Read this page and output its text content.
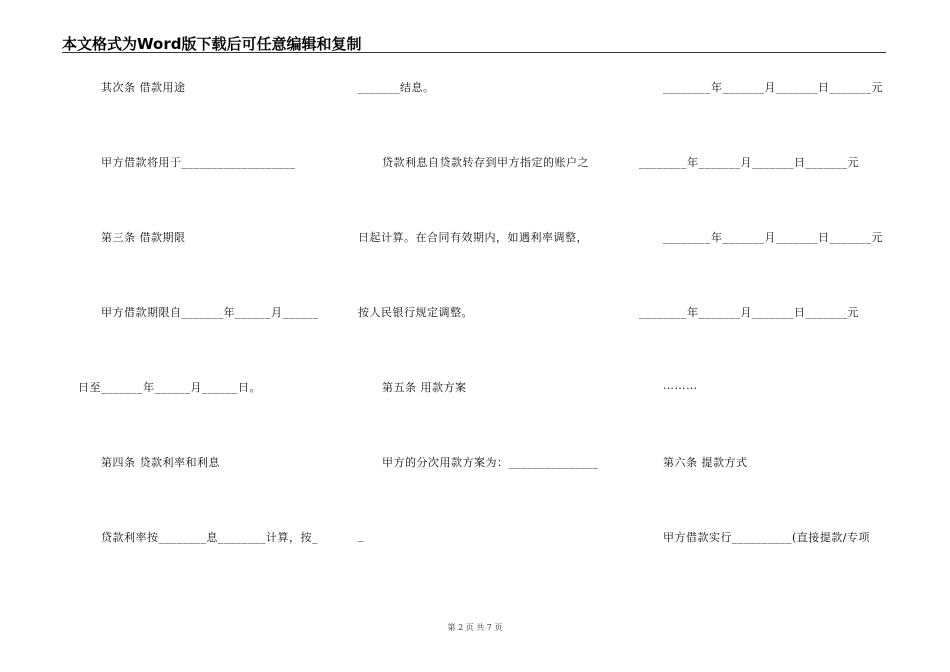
本文格式为Word版下载后可任意编辑和复制
其次条 借款用途
甲方借款将用于___________________
第三条 借款期限
甲方借款期限自_______年______月______
日至_______年______月______日。
第四条 贷款利率和利息
贷款利率按________息________计算，按_
_______结息。
贷款利息自贷款转存到甲方指定的账户之
日起计算。在合同有效期内，如遇利率调整，
按人民银行规定调整。
第五条 用款方案
甲方的分次用款方案为：_______________
_
________年_______月_______日_______元
________年_______月_______日_______元
________年_______月_______日_______元
________年_______月_______日_______元
………
第六条 提款方式
甲方借款实行__________(直接提款/专项
第 2 页 共 7 页
